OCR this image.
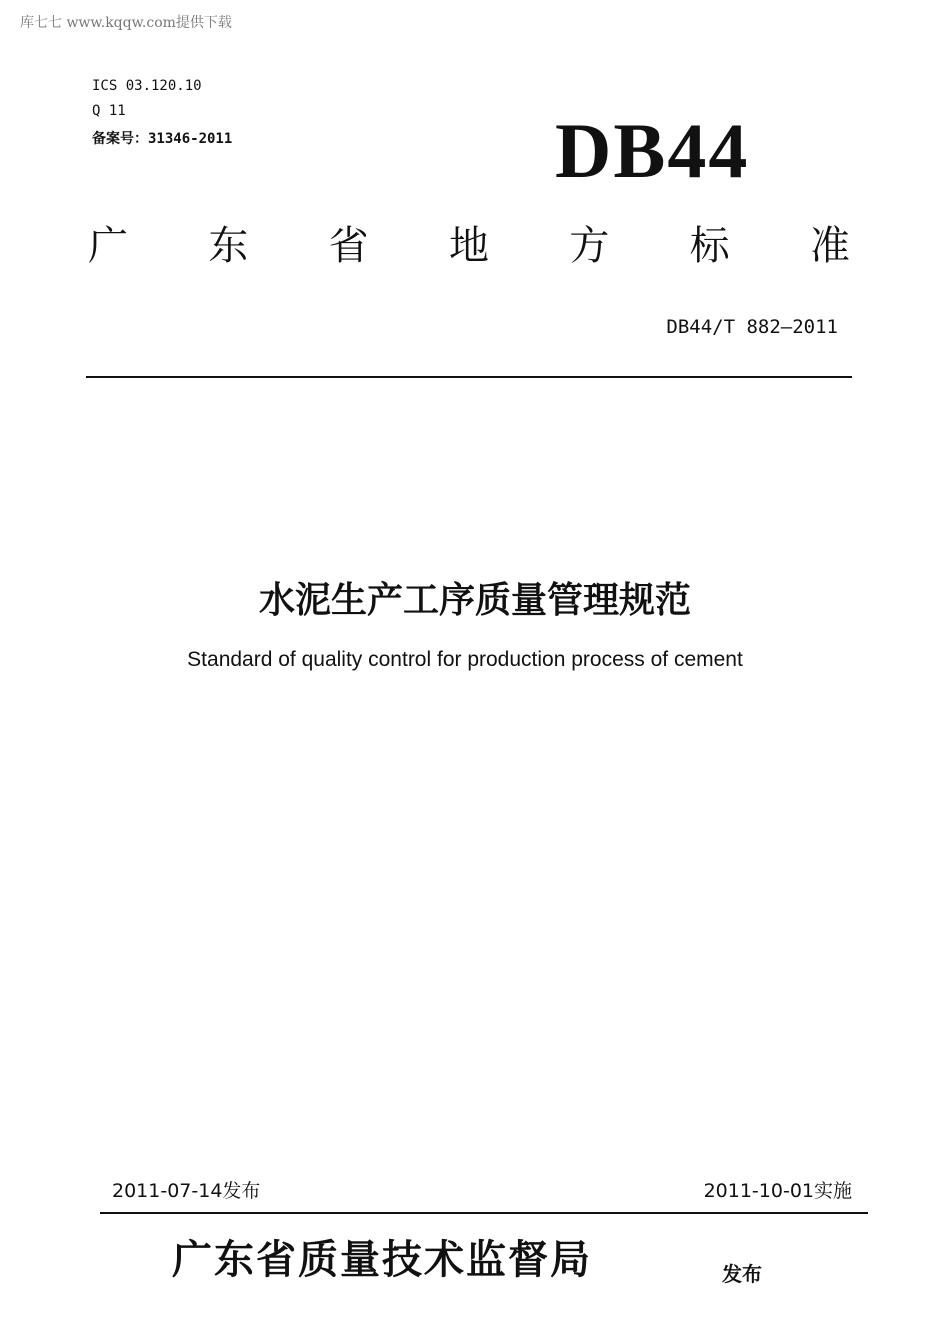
库七七 www.kqqw.com提供下载
ICS 03.120.10
Q 11
备案号：31346-2011	DB44
广 东 省 地 方 标 准
DB44/T 882—2011
水泥生产工序质量管理规范
Standard of quality control for production process of cement
2011-07-14发布	2011-10-01实施
广东省质量技术监督局	发布
